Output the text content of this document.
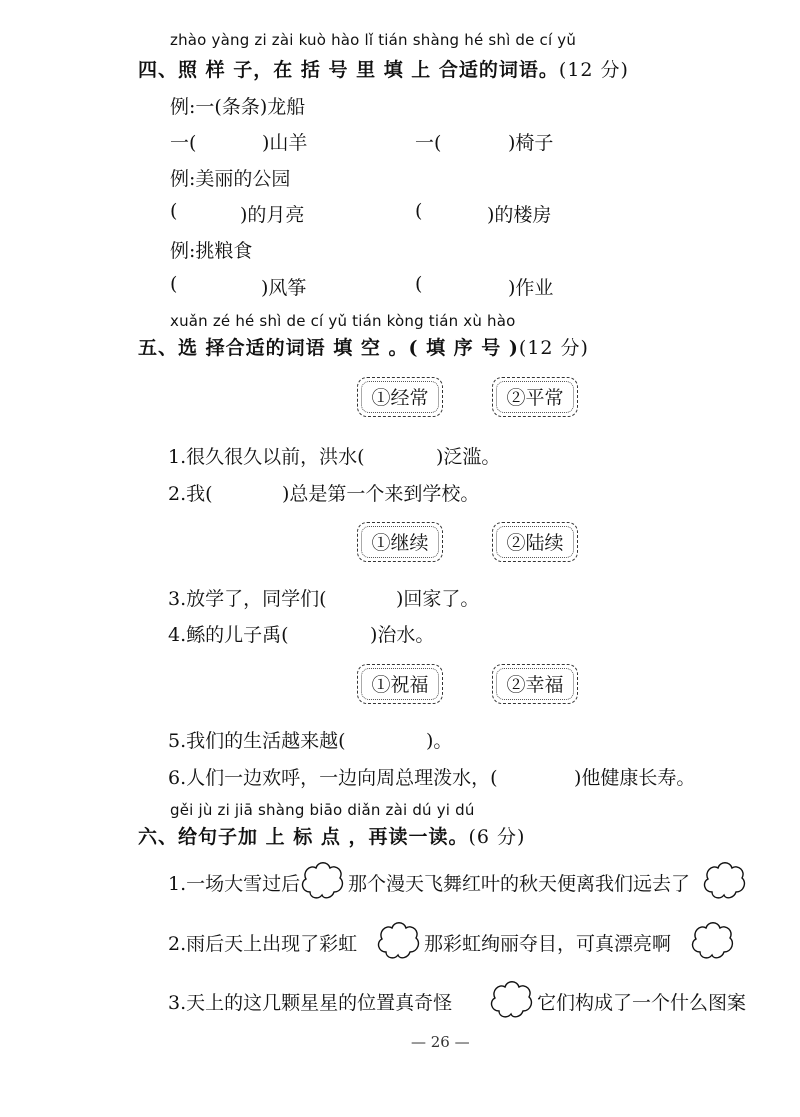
zhào yàng zi zài kuò hào lǐ tián shàng hé shì de cí yǔ
四、照 样 子，在 括 号 里 填 上 合适的词语。(12 分)
例:一(条条)龙船
一(	)山羊	一(	)椅子
例:美丽的公园
(	)的月亮	(	)的楼房
例:挑粮食
(	)风筝	(	)作业
xuǎn zé hé shì de cí yǔ tián kòng tián xù hào
五、选 择合适的词语 填 空 。( 填 序 号 )(12 分)
①经常	②平常
1.很久很久以前，洪水(	)泛滥。
2.我(	)总是第一个来到学校。
①继续	②陆续
3.放学了，同学们(	)回家了。
4.鲧的儿子禹(	)治水。
①祝福	②幸福
5.我们的生活越来越(	)。
6.人们一边欢呼，一边向周总理泼水，(	)他健康长寿。
gěi jù zi jiā shàng biāo diǎn zài dú yi dú
六、给句子加 上 标 点 ，再读一读。(6 分)
1.一场大雪过后	那个漫天飞舞红叶的秋天便离我们远去了
2.雨后天上出现了彩虹	那彩虹绚丽夺目，可真漂亮啊
3.天上的这几颗星星的位置真奇怪	它们构成了一个什么图案
— 26 —
